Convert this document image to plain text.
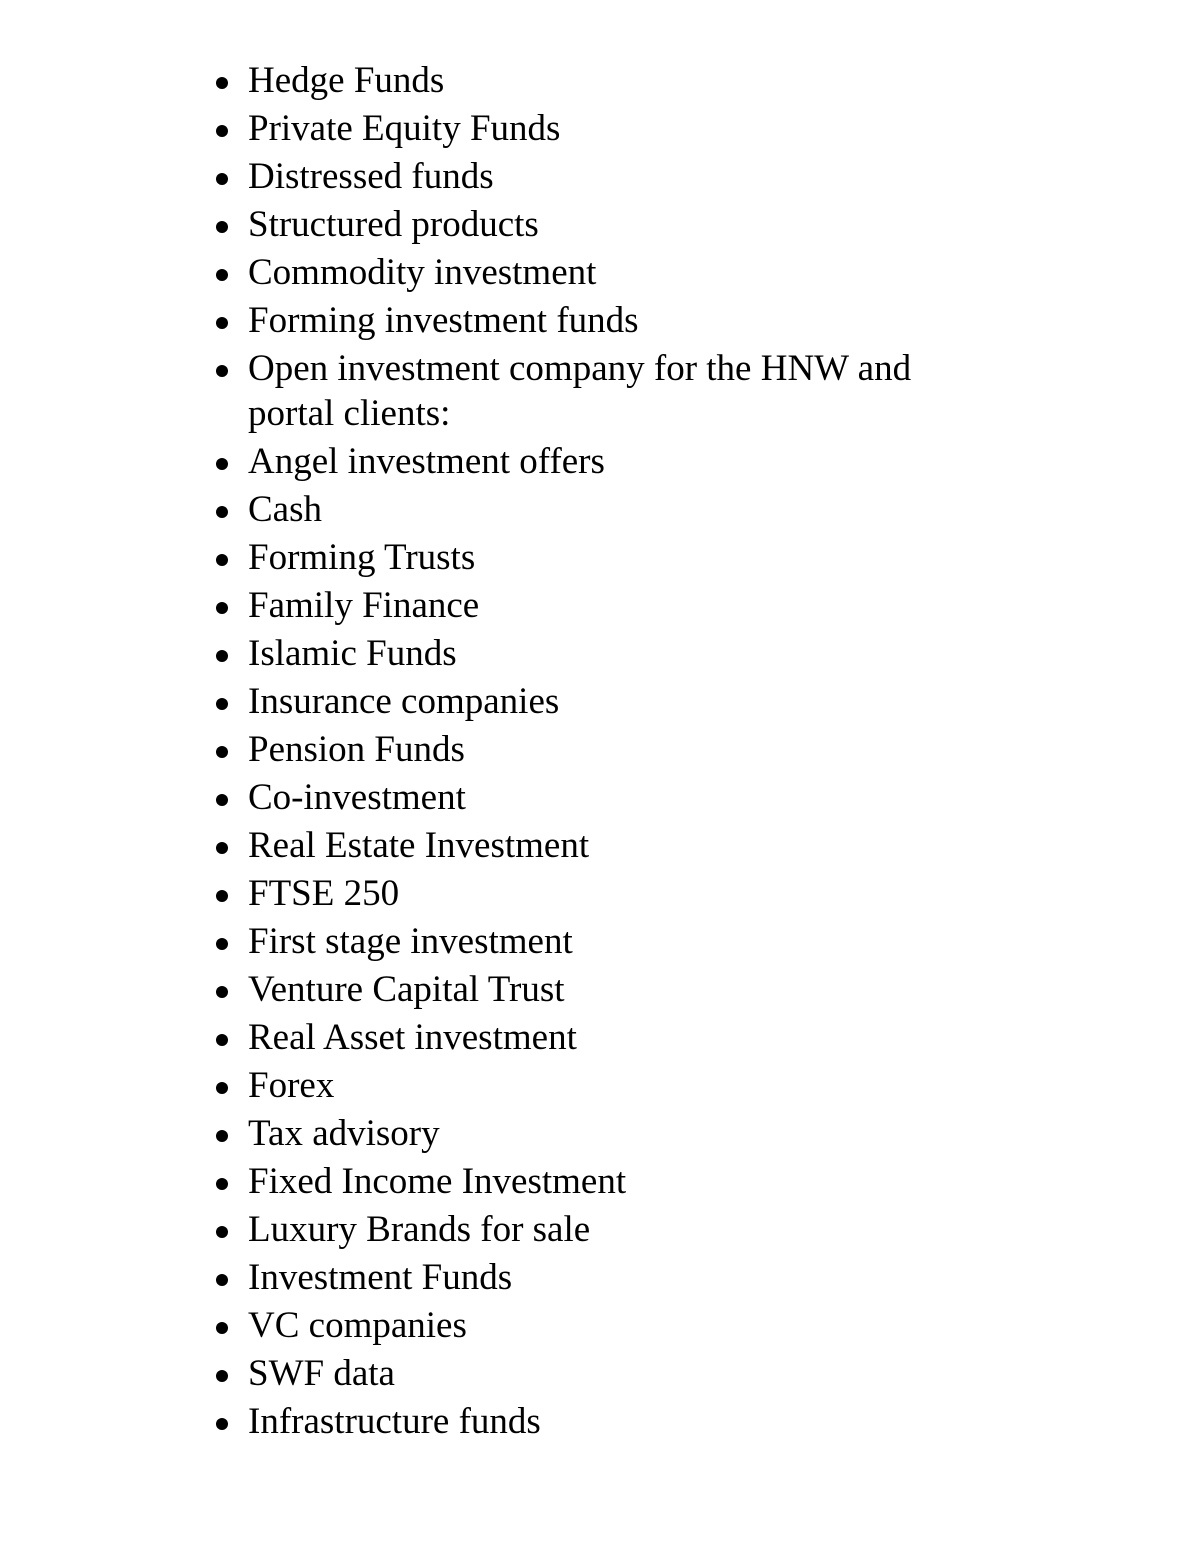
Hedge Funds
Private Equity Funds
Distressed funds
Structured products
Commodity investment
Forming investment funds
Open investment company for the HNW and portal clients:
Angel investment offers
Cash
Forming Trusts
Family Finance
Islamic Funds
Insurance companies
Pension Funds
Co-investment
Real Estate Investment
FTSE 250
First stage investment
Venture Capital Trust
Real Asset investment
Forex
Tax advisory
Fixed Income Investment
Luxury Brands for sale
Investment Funds
VC companies
SWF data
Infrastructure funds
